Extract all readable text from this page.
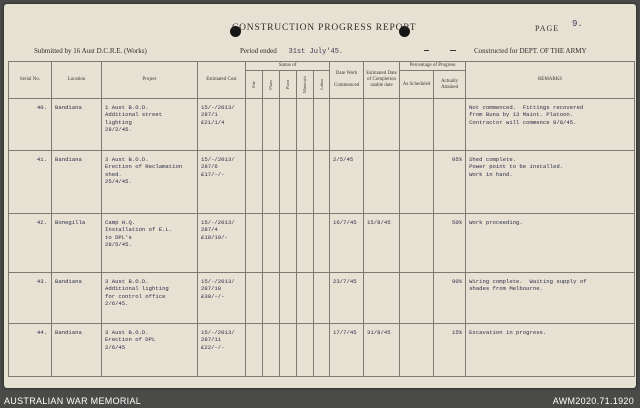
CONSTRUCTION PROGRESS REPORT	PAGE 9.
Submitted by 16 Aust D.C.R.E. (Works)	Period ended 31st July'45.	Constructed for DEPT. OF THE ARMY
Serial No.	Location	Project	Estimated Cost	Status of					Date Work
Commenced	Estimated Date of Completion usable date	Percentage of Progress		REMARKS

				Site	Plans	Plant	Materials	Labor			As Scheduled	Actually Attained	
40.	Bandiana	1 Aust B.O.D.
Additional street
lighting
28/2/45.	15/-/2013/
287/1
£21/1/4										Not commenced.  Fittings recovered
from Buna by 13 Maint. Platoon.
Contractor will commence 8/8/45.
41.	Bandiana	3 Aust B.O.D.
Erection of Reclamation
shed.
25/4/45.	15/-/2013/
287/6
£17/-/-						2/5/45			95%	Shed complete.
Power point to be installed.
Work in hand.
42.	Bonegilla	Camp H.Q.
Installation of E.L.
to DPL's
28/5/45.	15/-/2013/
287/4
£18/10/-						16/7/45	15/8/45		50%	Work proceeding.
43.	Bandiana	3 Aust B.O.D.
Additional lighting
for control office
2/6/45.	15/-/2013/
287/10
£30/-/-						23/7/45			90%	Wiring complete.  Waiting supply of
shades from Melbourne.
44.	Bandiana	3 Aust B.O.D.
Erection of DPL
2/6/45	15/-/2013/
287/11
£22/-/-						17/7/45	31/8/45		15%	Excavation in progress.
AUSTRALIAN WAR MEMORIAL	AWM2020.71.1920
